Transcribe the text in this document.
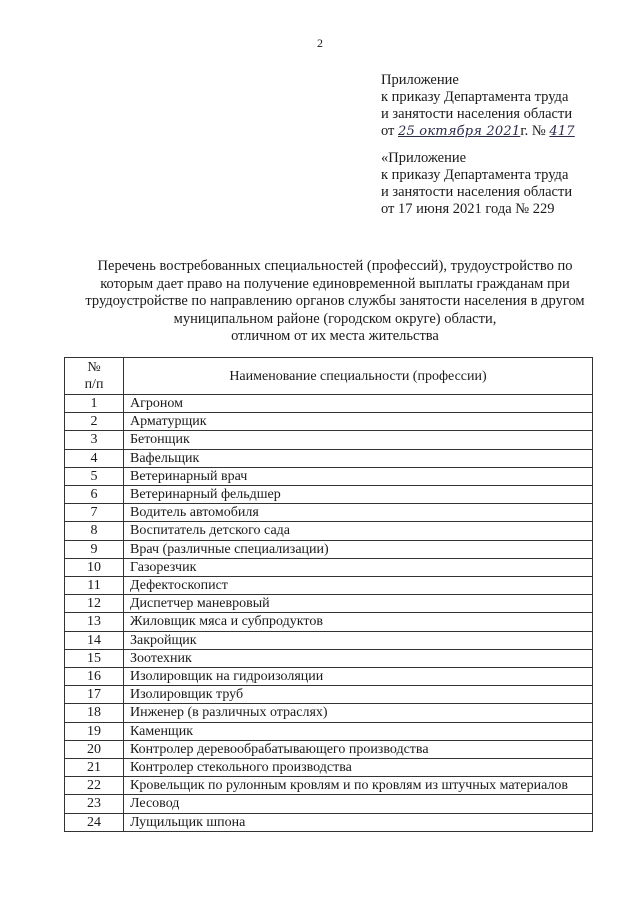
2
Приложение
к приказу Департамента труда
и занятости населения области
от 25 октября 2021г. № 417
«Приложение
к приказу Департамента труда
и занятости населения области
от 17 июня 2021 года № 229
Перечень востребованных специальностей (профессий), трудоустройство по
которым дает право на получение единовременной выплаты гражданам при
трудоустройстве по направлению органов службы занятости населения в другом
муниципальном районе (городском округе) области,
отличном от их места жительства
№
п/п	Наименование специальности (профессии)
1	Агроном
2	Арматурщик
3	Бетонщик
4	Вафельщик
5	Ветеринарный врач
6	Ветеринарный фельдшер
7	Водитель автомобиля
8	Воспитатель детского сада
9	Врач (различные специализации)
10	Газорезчик
11	Дефектоскопист
12	Диспетчер маневровый
13	Жиловщик мяса и субпродуктов
14	Закройщик
15	Зоотехник
16	Изолировщик на гидроизоляции
17	Изолировщик труб
18	Инженер (в различных отраслях)
19	Каменщик
20	Контролер деревообрабатывающего производства
21	Контролер стекольного производства
22	Кровельщик по рулонным кровлям и по кровлям из штучных материалов
23	Лесовод
24	Лущильщик шпона
